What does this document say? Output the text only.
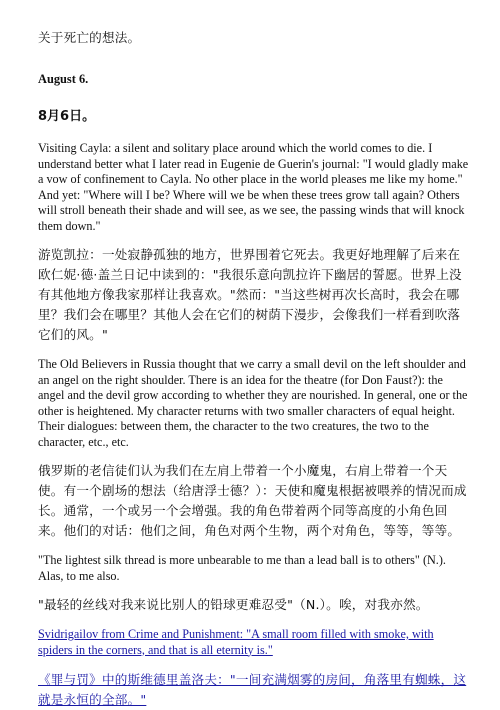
关于死亡的想法。

August 6.

8月6日。

Visiting Cayla: a silent and solitary place around which the world comes to die. I understand better what I later read in Eugenie de Guerin's journal: "I would gladly make a vow of confinement to Cayla. No other place in the world pleases me like my home." And yet: "Where will I be? Where will we be when these trees grow tall again? Others will stroll beneath their shade and will see, as we see, the passing winds that will knock them down."

游览凯拉：一处寂静孤独的地方，世界围着它死去。我更好地理解了后来在欧仁妮·德·盖兰日记中读到的："我很乐意向凯拉许下幽居的誓愿。世界上没有其他地方像我家那样让我喜欢。"然而："当这些树再次长高时，我会在哪里？我们会在哪里？其他人会在它们的树荫下漫步，会像我们一样看到吹落它们的风。"

The Old Believers in Russia thought that we carry a small devil on the left shoulder and an angel on the right shoulder. There is an idea for the theatre (for Don Faust?): the angel and the devil grow according to whether they are nourished. In general, one or the other is heightened. My character returns with two smaller characters of equal height. Their dialogues: between them, the character to the two creatures, the two to the character, etc., etc.

俄罗斯的老信徒们认为我们在左肩上带着一个小魔鬼，右肩上带着一个天使。有一个剧场的想法（给唐浮士德？）：天使和魔鬼根据被喂养的情况而成长。通常，一个或另一个会增强。我的角色带着两个同等高度的小角色回来。他们的对话：他们之间，角色对两个生物，两个对角色，等等，等等。

"The lightest silk thread is more unbearable to me than a lead ball is to others" (N.). Alas, to me also.

"最轻的丝线对我来说比别人的铅球更难忍受"（N.）。唉，对我亦然。

Svidrigailov from Crime and Punishment: "A small room filled with smoke, with spiders in the corners, and that is all eternity is."
《罪与罚》中的斯维德里盖洛夫："一间充满烟雾的房间，角落里有蜘蛛，这就是永恒的全部。"
